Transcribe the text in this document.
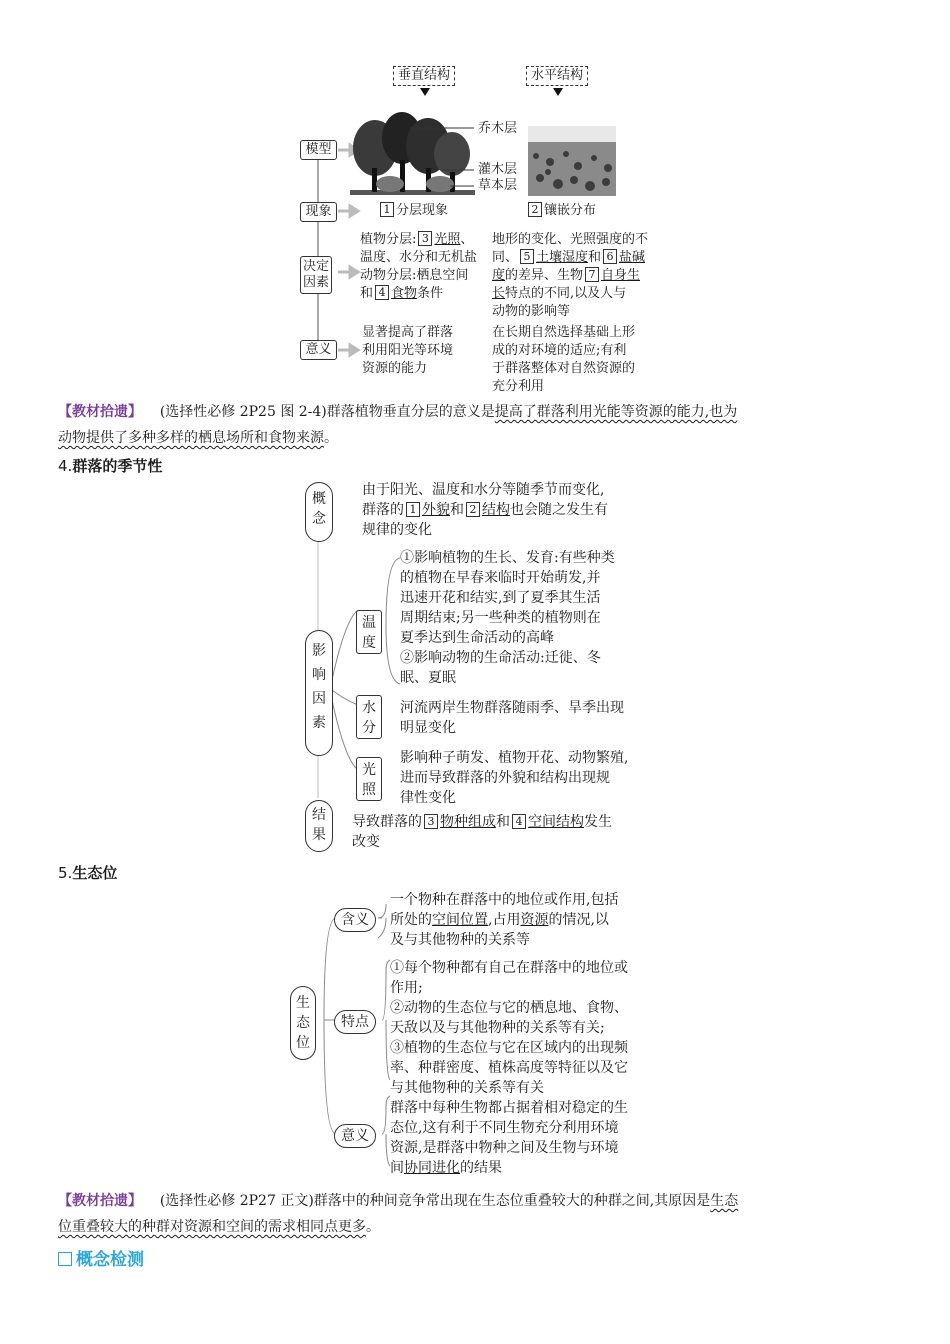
垂直结构	水平结构
模型
现象
决定因素
意义
乔木层
灌木层
草本层
1 分层现象	2 镶嵌分布
植物分层: 3 光照、
温度、水分和无机盐
动物分层:栖息空间
和 4 食物条件
地形的变化、光照强度的不
同、 5 土壤湿度和 6 盐碱
度的差异、生物 7 自身生
长特点的不同,以及人与
动物的影响等
显著提高了群落
利用阳光等环境
资源的能力
在长期自然选择基础上形
成的对环境的适应;有利
于群落整体对自然资源的
充分利用
【教材拾遗】 (选择性必修 2P25 图 2-4)群落植物垂直分层的意义是提高了群落利用光能等资源的能力,也为
动物提供了多种多样的栖息场所和食物来源。
4.群落的季节性
概念
由于阳光、温度和水分等随季节而变化,
群落的 1 外貌和 2 结构也会随之发生有
规律的变化
影响因素
温度
①影响植物的生长、发育:有些种类
的植物在早春来临时开始萌发,并
迅速开花和结实,到了夏季其生活
周期结束;另一些种类的植物则在
夏季达到生命活动的高峰
②影响动物的生命活动:迁徙、冬
眠、夏眠
水分
河流两岸生物群落随雨季、旱季出现
明显变化
光照
影响种子萌发、植物开花、动物繁殖,
进而导致群落的外貌和结构出现规
律性变化
结果
导致群落的 3 物种组成和 4 空间结构发生
改变
5.生态位
生态位
含义
一个物种在群落中的地位或作用,包括
所处的空间位置,占用资源的情况,以
及与其他物种的关系等
特点
①每个物种都有自己在群落中的地位或
作用;
②动物的生态位与它的栖息地、食物、
天敌以及与其他物种的关系等有关;
③植物的生态位与它在区域内的出现频
率、种群密度、植株高度等特征以及它
与其他物种的关系等有关
意义
群落中每种生物都占据着相对稳定的生
态位,这有利于不同生物充分利用环境
资源,是群落中物种之间及生物与环境
间协同进化的结果
【教材拾遗】 (选择性必修 2P27 正文)群落中的种间竞争常出现在生态位重叠较大的种群之间,其原因是生态
位重叠较大的种群对资源和空间的需求相同点更多。
概念检测
